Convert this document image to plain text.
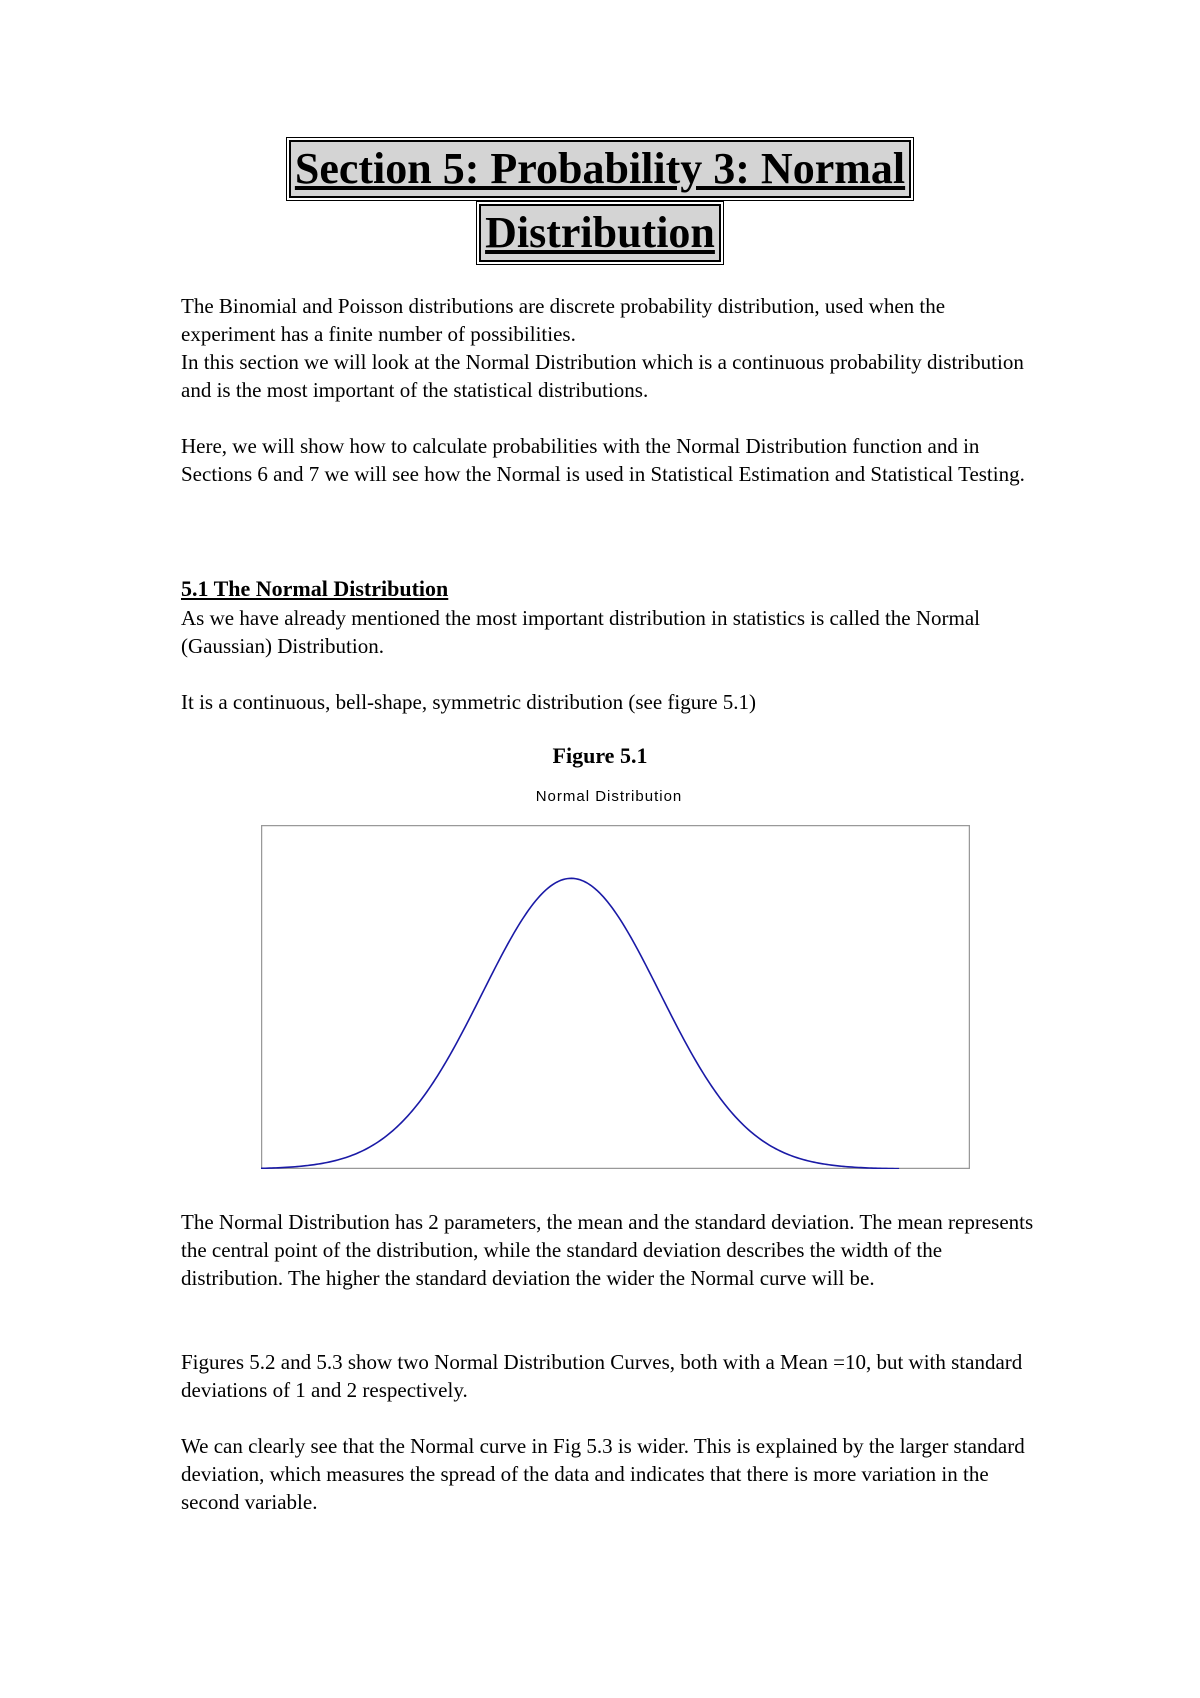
Section 5: Probability 3: Normal
Distribution

The Binomial and Poisson distributions are discrete probability distribution, used when the experiment has a finite number of possibilities.

In this section we will look at the Normal Distribution which is a continuous probability distribution and is the most important of the statistical distributions.

Here, we will show how to calculate probabilities with the Normal Distribution function and in Sections 6 and 7 we will see how the Normal is used in Statistical Estimation and Statistical Testing.

5.1 The Normal Distribution

As we have already mentioned the most important distribution in statistics is called the Normal (Gaussian) Distribution.

It is a continuous, bell-shape, symmetric distribution (see figure 5.1)

Figure 5.1
Normal Distribution

The Normal Distribution has 2 parameters, the mean and the standard deviation. The mean represents the central point of the distribution, while the standard deviation describes the width of the distribution. The higher the standard deviation the wider the Normal curve will be.

Figures 5.2 and 5.3 show two Normal Distribution Curves, both with a Mean =10, but with standard deviations of 1 and 2 respectively.

We can clearly see that the Normal curve in Fig 5.3 is wider. This is explained by the larger standard deviation, which measures the spread of the data and indicates that there is more variation in the second variable.
